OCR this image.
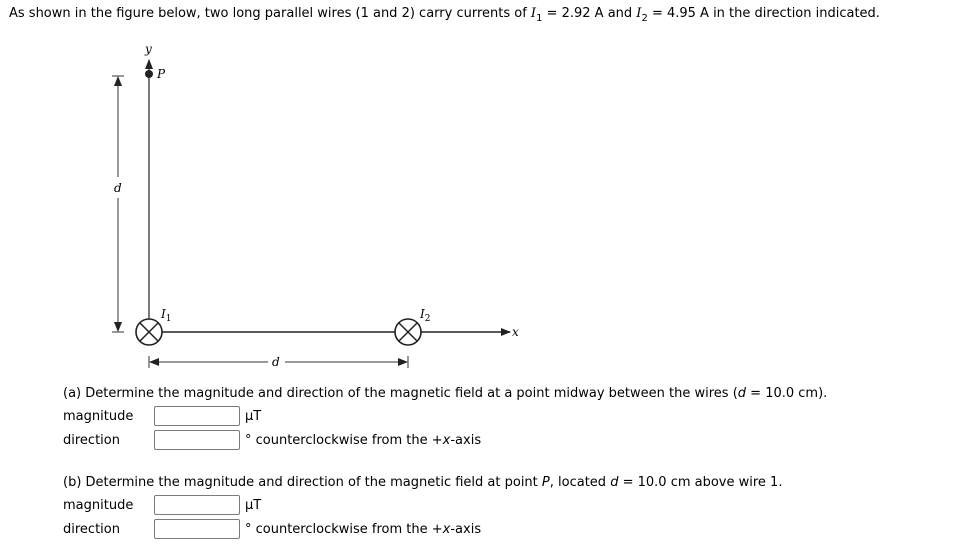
As shown in the figure below, two long parallel wires (1 and 2) carry currents of $I_1 = 2.92$ A and $I_2 = 4.95$ A in the direction indicated.
y
P
x
d
d
$I_1$	$I_2$
(a) Determine the magnitude and direction of the magnetic field at a point midway between the wires (d = 10.0 cm).
magnitude	μT
direction	° counterclockwise from the +x-axis
(b) Determine the magnitude and direction of the magnetic field at point P, located d = 10.0 cm above wire 1.
magnitude	μT
direction	° counterclockwise from the +x-axis
